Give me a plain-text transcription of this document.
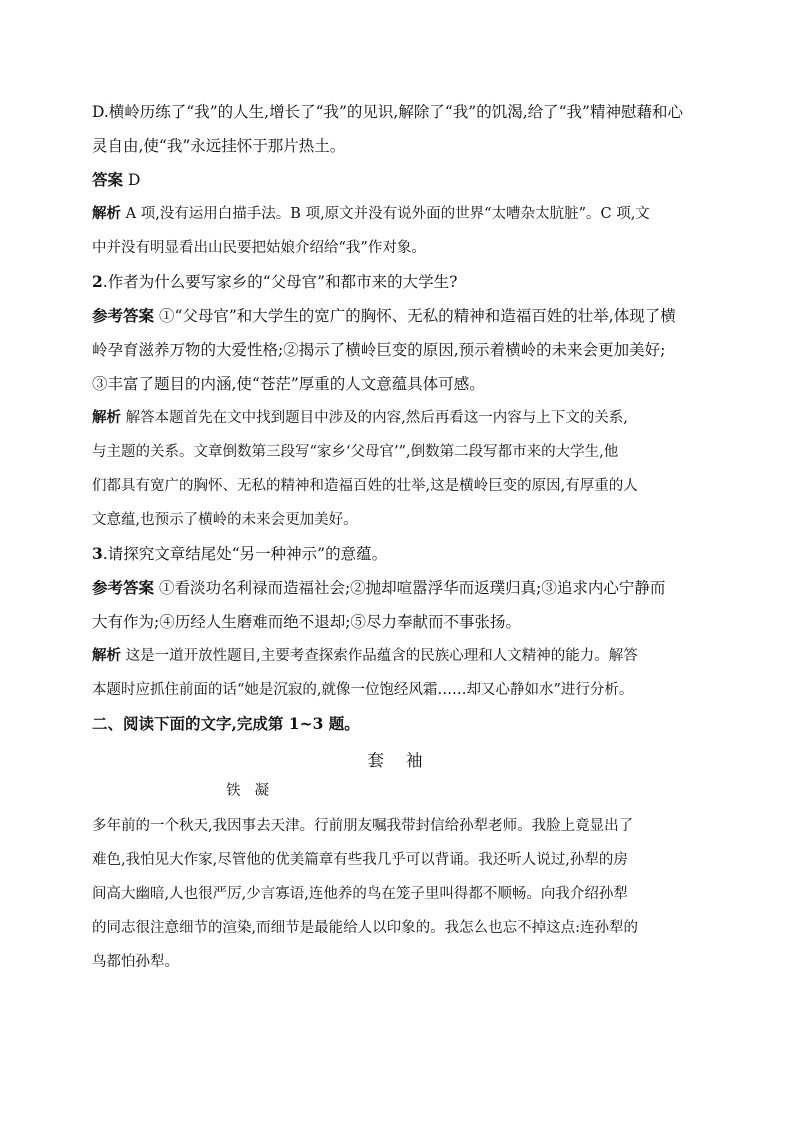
D.横岭历练了“我”的人生,增长了“我”的见识,解除了“我”的饥渴,给了“我”精神慰藉和心

灵自由,使“我”永远挂怀于那片热土。

答案 D

解析 A 项,没有运用白描手法。B 项,原文并没有说外面的世界“太嘈杂太肮脏”。C 项,文

中并没有明显看出山民要把姑娘介绍给“我”作对象。

2.作者为什么要写家乡的“父母官”和都市来的大学生?

参考答案 ①“父母官”和大学生的宽广的胸怀、无私的精神和造福百姓的壮举,体现了横

岭孕育滋养万物的大爱性格;②揭示了横岭巨变的原因,预示着横岭的未来会更加美好;

③丰富了题目的内涵,使“苍茫”厚重的人文意蕴具体可感。

解析 解答本题首先在文中找到题目中涉及的内容,然后再看这一内容与上下文的关系,

与主题的关系。文章倒数第三段写“家乡‘父母官’”,倒数第二段写都市来的大学生,他

们都具有宽广的胸怀、无私的精神和造福百姓的壮举,这是横岭巨变的原因,有厚重的人

文意蕴,也预示了横岭的未来会更加美好。

3.请探究文章结尾处“另一种神示”的意蕴。

参考答案 ①看淡功名利禄而造福社会;②抛却喧嚣浮华而返璞归真;③追求内心宁静而

大有作为;④历经人生磨难而绝不退却;⑤尽力奉献而不事张扬。

解析 这是一道开放性题目,主要考查探索作品蕴含的民族心理和人文精神的能力。解答

本题时应抓住前面的话“她是沉寂的,就像一位饱经风霜……却又心静如水”进行分析。

二、阅读下面的文字,完成第 1~3 题。

套袖
铁凝

多年前的一个秋天,我因事去天津。行前朋友嘱我带封信给孙犁老师。我脸上竟显出了

难色,我怕见大作家,尽管他的优美篇章有些我几乎可以背诵。我还听人说过,孙犁的房

间高大幽暗,人也很严厉,少言寡语,连他养的鸟在笼子里叫得都不顺畅。向我介绍孙犁

的同志很注意细节的渲染,而细节是最能给人以印象的。我怎么也忘不掉这点:连孙犁的

鸟都怕孙犁。
